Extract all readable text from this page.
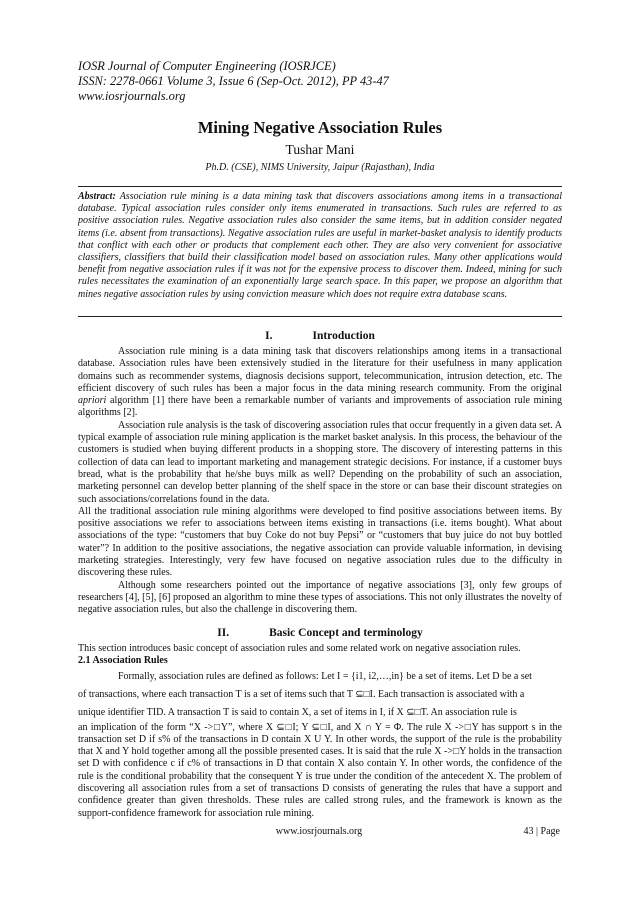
IOSR Journal of Computer Engineering (IOSRJCE)
ISSN: 2278-0661 Volume 3, Issue 6 (Sep-Oct. 2012), PP 43-47
www.iosrjournals.org
Mining Negative Association Rules
Tushar Mani
Ph.D. (CSE), NIMS University, Jaipur (Rajasthan), India
Abstract: Association rule mining is a data mining task that discovers associations among items in a transactional database. Typical association rules consider only items enumerated in transactions. Such rules are referred to as positive association rules. Negative association rules also consider the same items, but in addition consider negated items (i.e. absent from transactions). Negative association rules are useful in market-basket analysis to identify products that conflict with each other or products that complement each other. They are also very convenient for associative classifiers, classifiers that build their classification model based on association rules. Many other applications would benefit from negative association rules if it was not for the expensive process to discover them. Indeed, mining for such rules necessitates the examination of an exponentially large search space. In this paper, we propose an algorithm that mines negative association rules by using conviction measure which does not require extra database scans.
I.	Introduction

Association rule mining is a data mining task that discovers relationships among items in a transactional database. Association rules have been extensively studied in the literature for their usefulness in many application domains such as recommender systems, diagnosis decisions support, telecommunication, intrusion detection, etc. The efficient discovery of such rules has been a major focus in the data mining research community. From the original apriori algorithm [1] there have been a remarkable number of variants and improvements of association rule mining algorithms [2].

Association rule analysis is the task of discovering association rules that occur frequently in a given data set. A typical example of association rule mining application is the market basket analysis. In this process, the behaviour of the customers is studied when buying different products in a shopping store. The discovery of interesting patterns in this collection of data can lead to important marketing and management strategic decisions. For instance, if a customer buys bread, what is the probability that he/she buys milk as well? Depending on the probability of such an association, marketing personnel can develop better planning of the shelf space in the store or can base their discount strategies on such associations/correlations found in the data.

All the traditional association rule mining algorithms were developed to find positive associations between items. By positive associations we refer to associations between items existing in transactions (i.e. items bought). What about associations of the type: “customers that buy Coke do not buy Pepsi” or “customers that buy juice do not buy bottled water”? In addition to the positive associations, the negative association can provide valuable information, in devising marketing strategies. Interestingly, very few have focused on negative association rules due to the difficulty in discovering these rules.

Although some researchers pointed out the importance of negative associations [3], only few groups of researchers [4], [5], [6] proposed an algorithm to mine these types of associations. This not only illustrates the novelty of negative association rules, but also the challenge in discovering them.

II.	Basic Concept and terminology

This section introduces basic concept of association rules and some related work on negative association rules.

2.1 Association Rules

Formally, association rules are defined as follows: Let I = {i1, i2,…,in} be a set of items. Let D be a set

of transactions, where each transaction T is a set of items such that T ⊆□I. Each transaction is associated with a

unique identifier TID. A transaction T is said to contain X, a set of items in I, if X ⊆□T. An association rule is

an implication of the form “X ->□Y”, where X ⊆□I; Y ⊆□I, and X ∩ Y = Φ. The rule X ->□Y has support s in the transaction set D if s% of the transactions in D contain X U Y. In other words, the support of the rule is the probability that X and Y hold together among all the possible presented cases. It is said that the rule X ->□Y holds in the transaction set D with confidence c if c% of transactions in D that contain X also contain Y. In other words, the confidence of the rule is the conditional probability that the consequent Y is true under the condition of the antecedent X. The problem of discovering all association rules from a set of transactions D consists of generating the rules that have a support and confidence greater than given thresholds. These rules are called strong rules, and the framework is known as the support-confidence framework for association rule mining.

www.iosrjournals.org	43 | Page
